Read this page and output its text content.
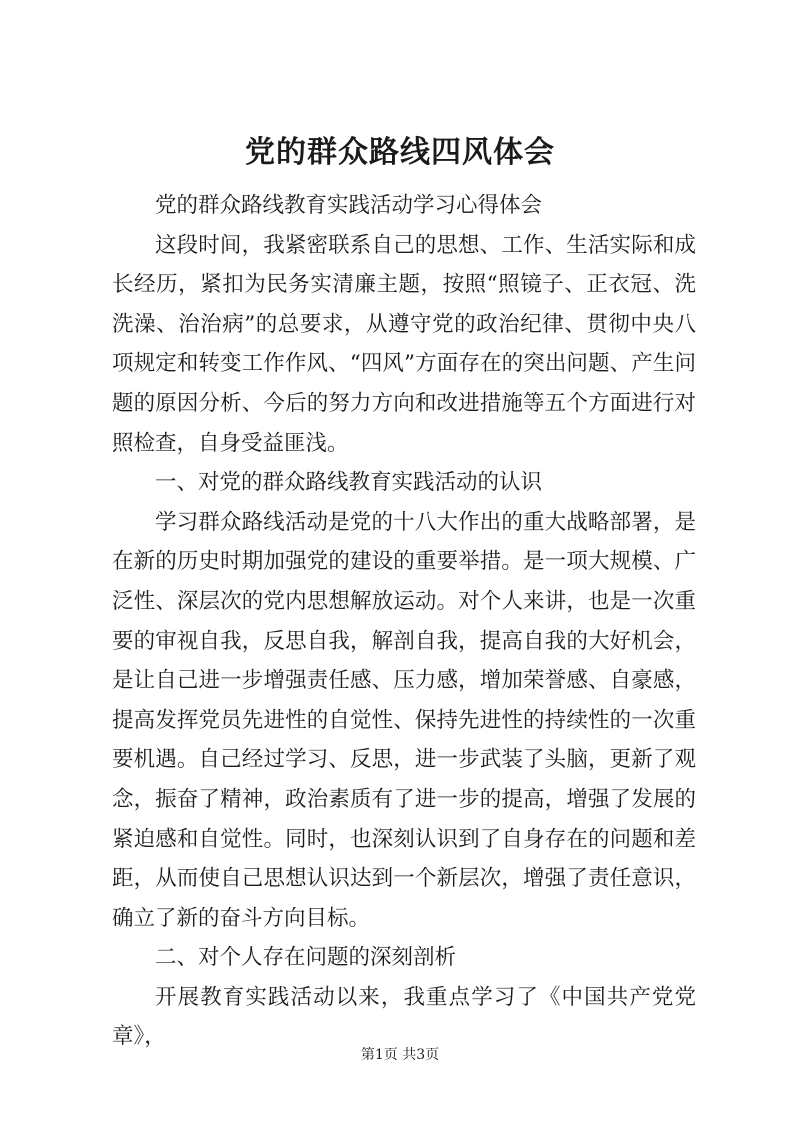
党的群众路线四风体会

党的群众路线教育实践活动学习心得体会

这段时间，我紧密联系自己的思想、工作、生活实际和成长经历，紧扣为民务实清廉主题，按照“照镜子、正衣冠、洗洗澡、治治病”的总要求，从遵守党的政治纪律、贯彻中央八项规定和转变工作作风、“四风”方面存在的突出问题、产生问题的原因分析、今后的努力方向和改进措施等五个方面进行对照检查，自身受益匪浅。

一、对党的群众路线教育实践活动的认识

学习群众路线活动是党的十八大作出的重大战略部署，是在新的历史时期加强党的建设的重要举措。是一项大规模、广泛性、深层次的党内思想解放运动。对个人来讲，也是一次重要的审视自我，反思自我，解剖自我，提高自我的大好机会，是让自己进一步增强责任感、压力感，增加荣誉感、自豪感，提高发挥党员先进性的自觉性、保持先进性的持续性的一次重要机遇。自己经过学习、反思，进一步武装了头脑，更新了观念，振奋了精神，政治素质有了进一步的提高，增强了发展的紧迫感和自觉性。同时，也深刻认识到了自身存在的问题和差距，从而使自己思想认识达到一个新层次，增强了责任意识，确立了新的奋斗方向目标。

二、对个人存在问题的深刻剖析

开展教育实践活动以来，我重点学习了《中国共产党党章》，

第1页 共3页
